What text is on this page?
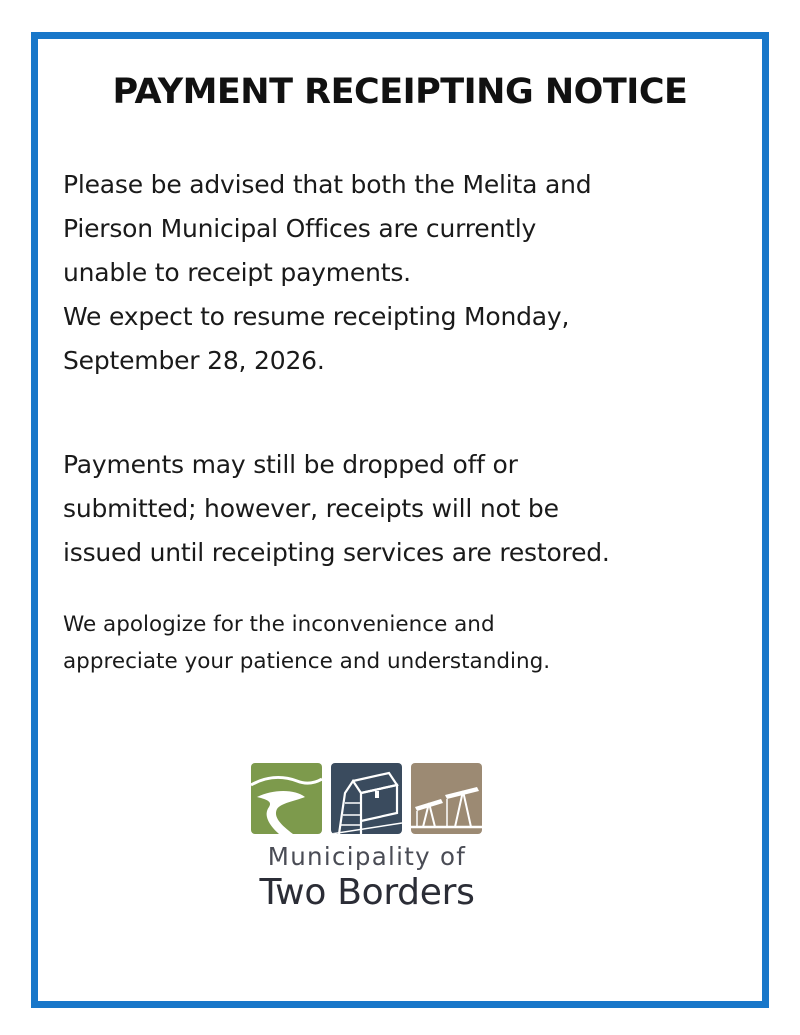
PAYMENT RECEIPTING NOTICE

Please be advised that both the Melita and
Pierson Municipal Offices are currently
unable to receipt payments.
We expect to resume receipting Monday,
September 28, 2026.

Payments may still be dropped off or
submitted; however, receipts will not be
issued until receipting services are restored.

We apologize for the inconvenience and
appreciate your patience and understanding.

Municipality of
Two Borders
